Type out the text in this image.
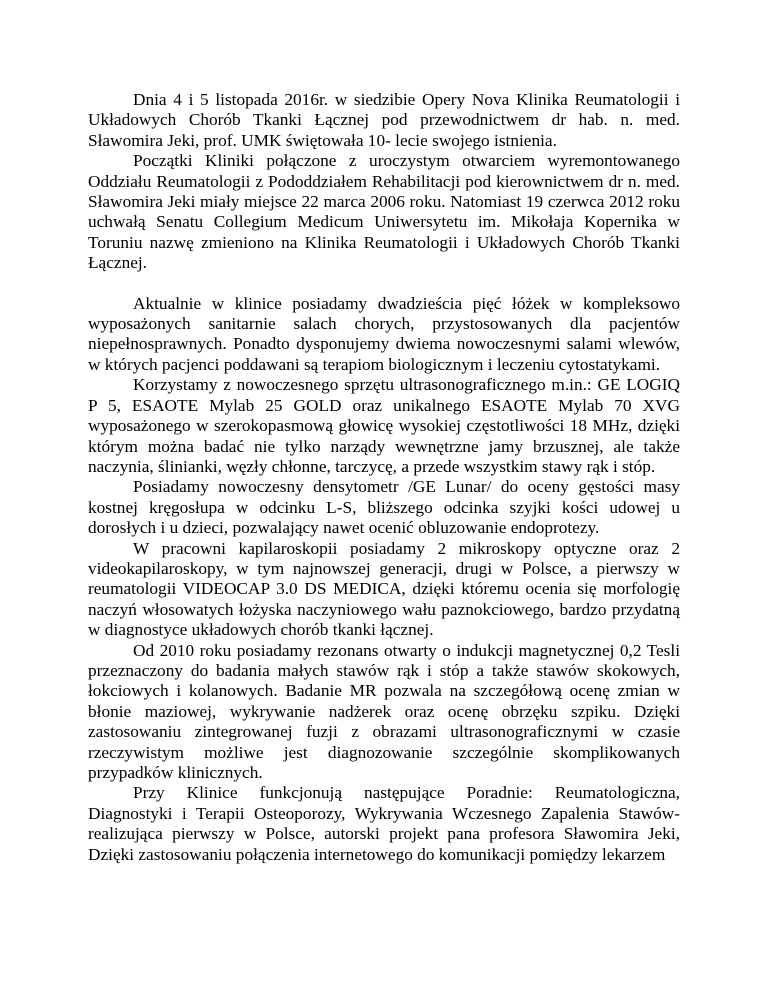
Dnia 4 i 5 listopada 2016r. w siedzibie Opery Nova Klinika Reumatologii i Układowych Chorób Tkanki Łącznej pod przewodnictwem dr hab. n. med. Sławomira Jeki, prof. UMK świętowała 10- lecie swojego istnienia.

Początki Kliniki połączone z uroczystym otwarciem wyremontowanego Oddziału Reumatologii z Pododdziałem Rehabilitacji pod kierownictwem dr n. med. Sławomira Jeki miały miejsce 22 marca 2006 roku. Natomiast 19 czerwca 2012 roku uchwałą Senatu Collegium Medicum Uniwersytetu im. Mikołaja Kopernika w Toruniu nazwę zmieniono na Klinika Reumatologii i Układowych Chorób Tkanki Łącznej.

Aktualnie w klinice posiadamy dwadzieścia pięć łóżek w kompleksowo wyposażonych sanitarnie salach chorych, przystosowanych dla pacjentów niepełnosprawnych. Ponadto dysponujemy dwiema nowoczesnymi salami wlewów, w których pacjenci poddawani są terapiom biologicznym i leczeniu cytostatykami.

Korzystamy z nowoczesnego sprzętu ultrasonograficznego m.in.: GE LOGIQ P 5, ESAOTE Mylab 25 GOLD oraz unikalnego ESAOTE Mylab 70 XVG wyposażonego w szerokopasmową głowicę wysokiej częstotliwości 18 MHz, dzięki którym można badać nie tylko narządy wewnętrzne jamy brzusznej, ale także naczynia, ślinianki, węzły chłonne, tarczycę, a przede wszystkim stawy rąk i stóp.

Posiadamy nowoczesny densytometr /GE Lunar/ do oceny gęstości masy kostnej kręgosłupa w odcinku L-S, bliższego odcinka szyjki kości udowej u dorosłych i u dzieci, pozwalający nawet ocenić obluzowanie endoprotezy.

W pracowni kapilaroskopii posiadamy 2 mikroskopy optyczne oraz 2 videokapilaroskopy, w tym najnowszej generacji, drugi w Polsce, a pierwszy w reumatologii VIDEOCAP 3.0 DS MEDICA, dzięki któremu ocenia się morfologię naczyń włosowatych łożyska naczyniowego wału paznokciowego, bardzo przydatną w diagnostyce układowych chorób tkanki łącznej.

Od 2010 roku posiadamy rezonans otwarty o indukcji magnetycznej 0,2 Tesli przeznaczony do badania małych stawów rąk i stóp a także stawów skokowych, łokciowych i kolanowych. Badanie MR pozwala na szczegółową ocenę zmian w błonie maziowej, wykrywanie nadżerek oraz ocenę obrzęku szpiku. Dzięki zastosowaniu zintegrowanej fuzji z obrazami ultrasonograficznymi w czasie rzeczywistym możliwe jest diagnozowanie szczególnie skomplikowanych przypadków klinicznych.

Przy Klinice funkcjonują następujące Poradnie: Reumatologiczna, Diagnostyki i Terapii Osteoporozy, Wykrywania Wczesnego Zapalenia Stawów-realizująca pierwszy w Polsce, autorski projekt pana profesora Sławomira Jeki, Dzięki zastosowaniu połączenia internetowego do komunikacji pomiędzy lekarzem
